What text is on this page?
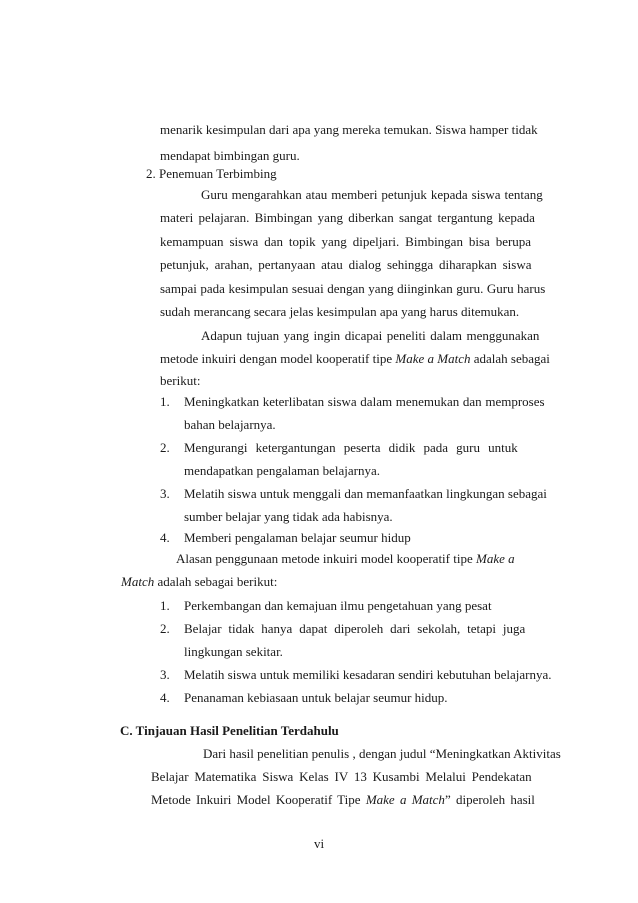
menarik kesimpulan dari apa yang mereka temukan. Siswa hamper tidak
mendapat bimbingan guru.
2. Penemuan Terbimbing
Guru mengarahkan atau memberi petunjuk kepada siswa tentang
materi pelajaran. Bimbingan yang diberkan sangat tergantung kepada
kemampuan siswa dan topik yang dipeljari. Bimbingan bisa berupa
petunjuk, arahan, pertanyaan atau dialog sehingga diharapkan siswa
sampai pada kesimpulan sesuai dengan yang diinginkan guru. Guru harus
sudah merancang secara jelas kesimpulan apa yang harus ditemukan.
Adapun tujuan yang ingin dicapai peneliti dalam menggunakan
metode inkuiri dengan model kooperatif tipe Make a Match adalah sebagai
berikut:
1. Meningkatkan keterlibatan siswa dalam menemukan dan memproses
bahan belajarnya.
2. Mengurangi ketergantungan peserta didik pada guru untuk
mendapatkan pengalaman belajarnya.
3. Melatih siswa untuk menggali dan memanfaatkan lingkungan sebagai
sumber belajar yang tidak ada habisnya.
4. Memberi pengalaman belajar seumur hidup
Alasan penggunaan metode inkuiri model kooperatif tipe Make a
Match adalah sebagai berikut:
1. Perkembangan dan kemajuan ilmu pengetahuan yang pesat
2. Belajar tidak hanya dapat diperoleh dari sekolah, tetapi juga
lingkungan sekitar.
3. Melatih siswa untuk memiliki kesadaran sendiri kebutuhan belajarnya.
4. Penanaman kebiasaan untuk belajar seumur hidup.
C. Tinjauan Hasil Penelitian Terdahulu
Dari hasil penelitian penulis , dengan judul “Meningkatkan Aktivitas
Belajar Matematika Siswa Kelas IV 13 Kusambi Melalui Pendekatan
Metode Inkuiri Model Kooperatif Tipe Make a Match” diperoleh hasil
vi
